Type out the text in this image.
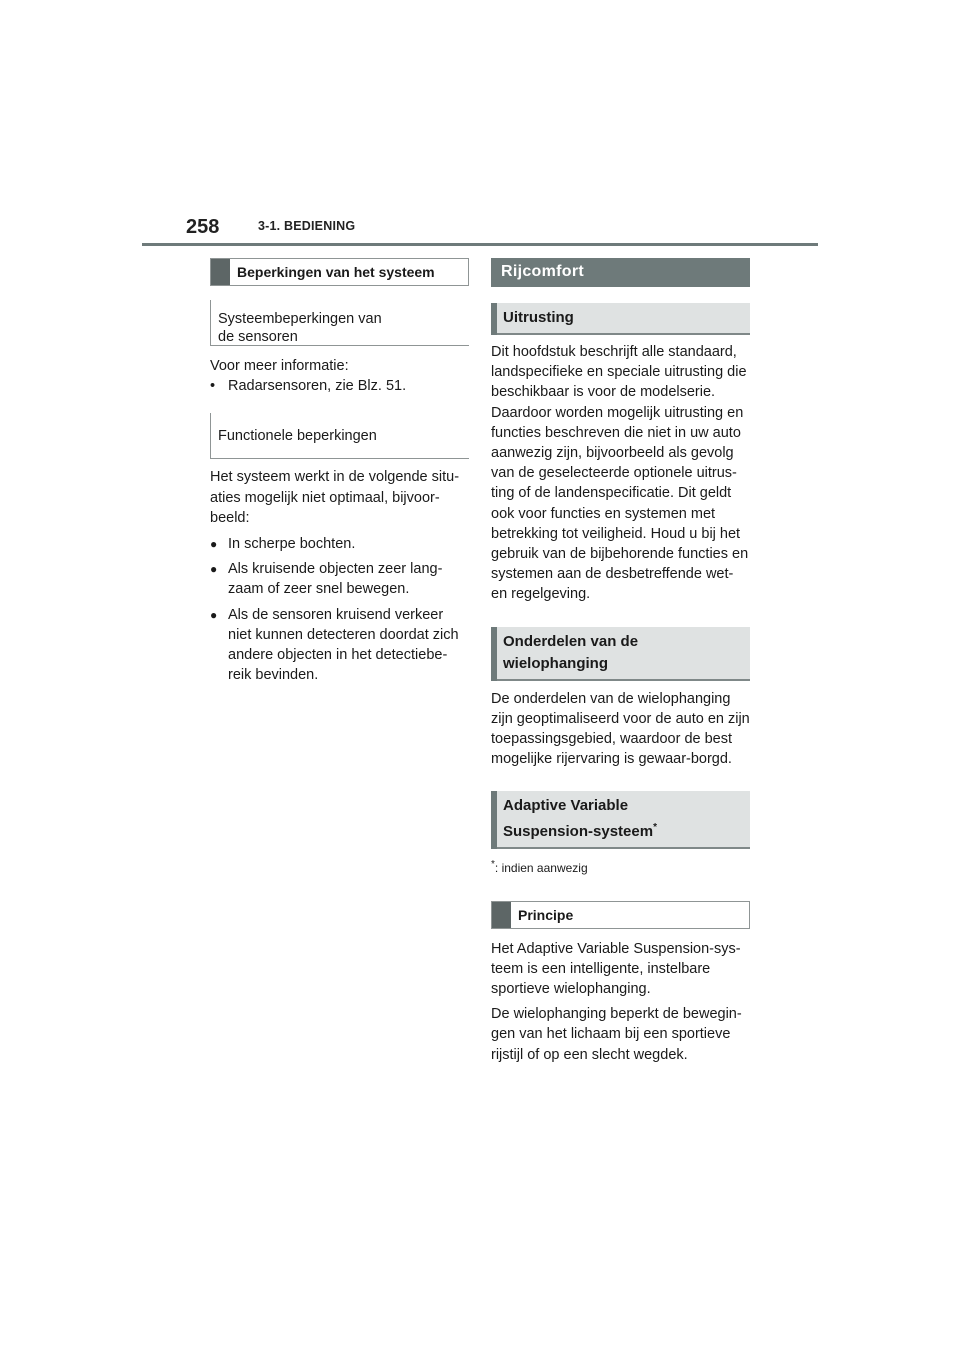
258	3-1. BEDIENING
Beperkingen van het systeem
Systeembeperkingen van de sensoren

Voor meer informatie:

• Radarsensoren, zie Blz. 51.
Functionele beperkingen

Het systeem werkt in de volgende situ-aties mogelijk niet optimaal, bijvoor-beeld:

● In scherpe bochten.
● Als kruisende objecten zeer lang-zaam of zeer snel bewegen.
● Als de sensoren kruisend verkeer niet kunnen detecteren doordat zich andere objecten in het detectiebe-reik bevinden.
Rijcomfort
Uitrusting

Dit hoofdstuk beschrijft alle standaard, landspecifieke en speciale uitrusting die beschikbaar is voor de modelserie. Daardoor worden mogelijk uitrusting en functies beschreven die niet in uw auto aanwezig zijn, bijvoorbeeld als gevolg van de geselecteerde optionele uitrus-ting of de landenspecificatie. Dit geldt ook voor functies en systemen met betrekking tot veiligheid. Houd u bij het gebruik van de bijbehorende functies en systemen aan de desbetreffende wet- en regelgeving.

Onderdelen van de
wielophanging

De onderdelen van de wielophanging zijn geoptimaliseerd voor de auto en zijn toepassingsgebied, waardoor de best mogelijke rijervaring is gewaar-borgd.

Adaptive Variable
Suspension-systeem*
*: indien aanwezig
Principe

Het Adaptive Variable Suspension-sys-teem is een intelligente, instelbare sportieve wielophanging.

De wielophanging beperkt de bewegin-gen van het lichaam bij een sportieve rijstijl of op een slecht wegdek.
